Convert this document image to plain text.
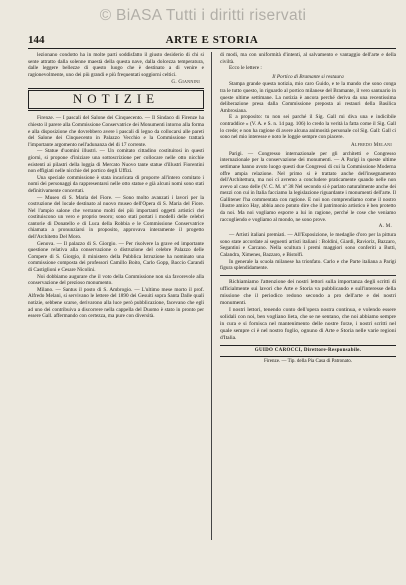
© BiASA Tutti i diritti riservati
144	ARTE E STORIA

lezionano condotto ha in molte parti soddisfatto il giusto desiderio di chi si sente attratto dalla solenne maestà della questa nave, dalla dolcezza temperatura, dalle leggere bellezze di questo luogo che è destinato a di venire e ragionevolmente, uno dei più grandi e più frequentati soggiorni celtici.

G. Giannini
NOTIZIE

Firenze. — I pascali del Salone dei Cinquecento. — Il Sindaco di Firenze ha chiesto il parere alla Commissione Conservatrice dei Monumenti intorno alla forma e alla disposizione che dovrebbero avere i pascali di legno da collocarsi alle pareti del Salone dei Cinquecento in Palazzo Vecchio e la Commissione trattarà l'importante argomento nell'adunanza del di 17 corrente.

— Statue d'uomini illustri. — Un comitato cittadino costituitosi in questi giorni, si propone d'iniziare una sottoscrizione per collocare nelle otto nicchie esistenti ai pilastri della loggia di Mercato Nuovo tante statue d'illustri Fiorentini non effigiati nelle nicchie del portico degli Uffizi.

Una speciale commissione è stata incaricata di proporre all'intero comitato i nomi dei personaggi da rappresentarsi nelle otto statue e già alcuni nomi sono stati definitivamente concertati.

— Museo di S. Maria del Fiore. — Sono molto avanzati i lavori per la costruzione del locale destinato al nuovo museo dell'Opera di S. Maria del Fiore. Nel l'ampio salone che verranno molti dei più importanti oggetti artistici che costituiscono un vero e proprio tesoro; sono stati portati i modelli delle celebri cantorie di Donatello e di Luca della Robbia e le Commissione Conservatrice chiamata a pronunziarsi in proposito, approvava interamente il progetto dell'Architetto Del Moro.

Genova. — Il palazzo di S. Giorgio. — Per risolvere la grave ed importante questione relativa alla conservazione o distruzione del celebre Palazzo delle Compere di S. Giorgio, il ministero della Pubblica Istruzione ha nominato una commissione composta dei professori Camillo Boito, Carlo Gopp, Baccio Carandi di Castiglioni e Cesare Nicolini.

Noi dobbiamo augurare che il voto della Commissione non sia favorevole alla conservazione del prezioso monumento.

Milano. — Santus il posto di S. Ambrogio. — L'ultimo mese morto il prof. Alfredo Melani, si servivano le lettere del 1890 dei Gesuiti sopra Santa Dalle quali notizie, sebbene scarse, derivarono alla luce però pubblicazione, facevano che egli ad uno dei contribuiva a discorrere nella cappella del Duomo è stato in pronto per essere Gall. affermando con certezza, ma pure con diversità.

di modi, ma con uniformità d'intenti, al salvamento e vantaggio dell'arte e della civiltà.

Ecco le lettere :

Il Portico di Bramante si restaura

Stampa grande questa notizia, mio caro Guido, e te la mando che sono conga tra le tutto questo, in riguardo al portico milanese del Bramante, il vero santuario in queste ultime settimane. La notizia è ancora perché deriva da una recentissima deliberazione presa dalla Commissione preposta ai restauri della Basilica Ambrosiana.

E a proposito: tu non sei parché il Sig. Gall mi diva una e indicibile contraddice » (V. A. e S. n. 14 pag. 106) lo credo la verità la fatta come il Sig. Gall lo crede; e non ha ragione di avere alcuna animosità personale col Sig. Gall: Gall ci sono nel mio interesse e noto le loggie sempre con piacere.

Alfredo Melani

Parigi. — Congresso internazionale per gli architetti e Congresso internazionale per la conservazione dei monumenti. — A Parigi in queste ultime settimane hanno avuto luogo questi due Congressi di cui la Commissione Moderna offre ampia relazione. Nel primo si è trattato anche dell'insegnamento dell'Architettura, ma noi ci avremo a concludere praticamente quando nelle non avevo al caso delle (V. C. M. nº 38 Nel secondo si è parlato naturalmente anche dei mezzi con cui in Italia facciamo la legislazione riguardante i monumenti dell'arte. Il Gallitener l'ha commentata con ragione. E noi non comprendiamo come il nostro illustre amico Hay, abbia anco potuto dire che il patrimonio artistico è ben protetto da noi. Ma noi vogliamo esporre a lui in ragione, perché le cose che veniamo raccogliendo e vogliamo al mondo, ne sono prove.

A. M.

— Artisti italiani premiati. — All'Esposizione, le medaglie d'oro per la pittura sono state accordate ai seguenti artisti italiani : Boldini, Giardi, Ravioriz, Bazzaro, Segantini e Carcano. Nella scultura i premi maggiori sono conferiti a Butti, Calandra, Ximenes, Bazzaro, e Bistolfi.

In generale la scuola milanese ha trionfato. Carlo e che Parte italiana a Parigi figura splendidamente.

Richiamiamo l'attenzione dei nostri lettori sulla importanza degli scritti di ufficialmente sui lavori che Arte e Storia va pubblicando e sull'interesse della missione che il periodico redono secondo a pro dell'arte e dei nostri monumenti.

I nostri lettori, tenendo conto dell'opera nostra continua, e volendo essere solidali con noi, ben vogliano lieta, che se ne sentano, che noi abbiamo sempre in cura e si fornisca nel mantenimento delle nostre forze, i nostri scritti nel quale sempre ci è nel nostro foglio, ognuno di Arte e Storia nelle varie regioni d'Italia.

GUIDO CAROCCI, Direttore-Responsabile.
Firenze. — Tip. della Pia Casa di Patronato.
